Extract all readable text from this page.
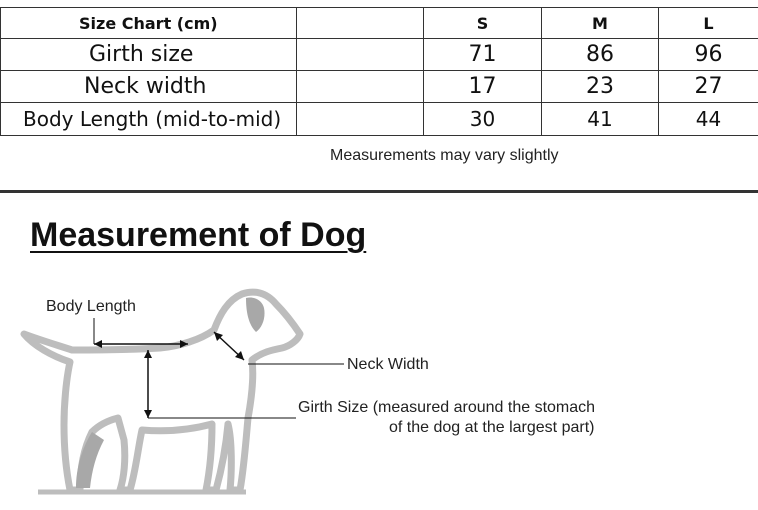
Size Chart (cm)		S	M	L
Girth size		71	86	96
Neck width		17	23	27
Body Length (mid-to-mid)		30	41	44
Measurements may vary slightly
Measurement of Dog
Body Length
Neck Width
Girth Size (measured around the stomach
of the dog at the largest part)
